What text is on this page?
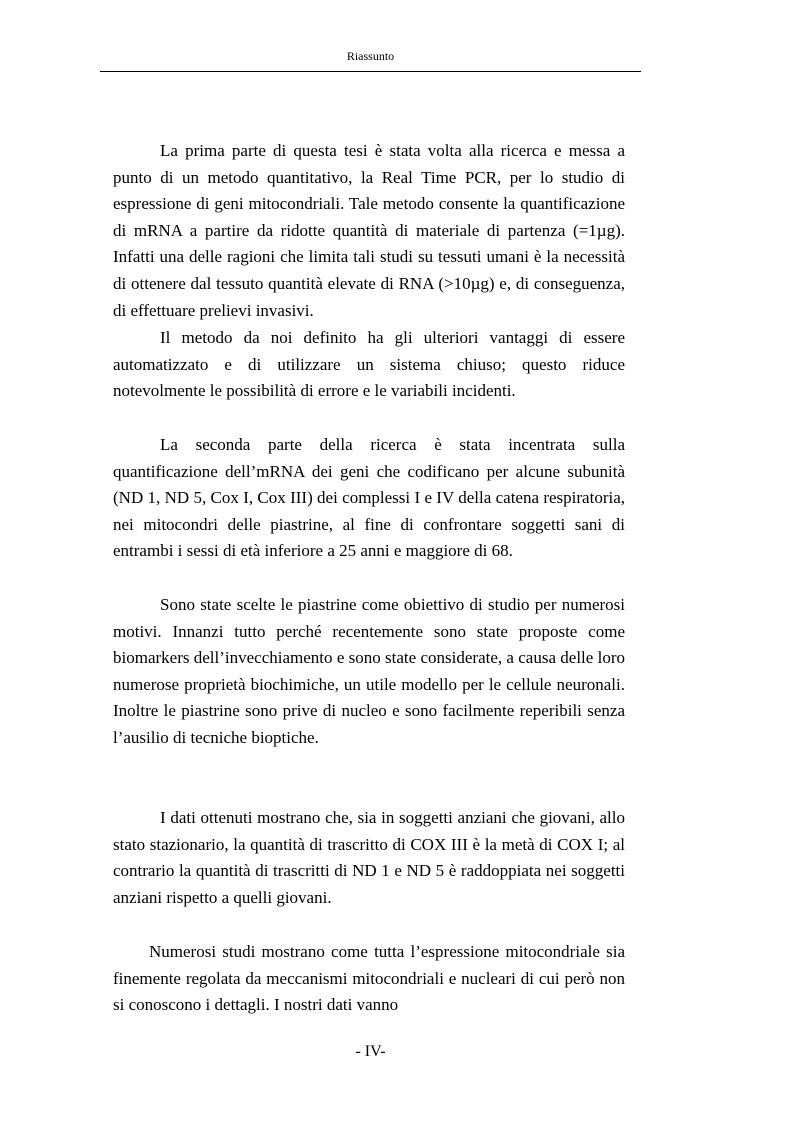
Riassunto

La prima parte di questa tesi è stata volta alla ricerca e messa a punto di un metodo quantitativo, la Real Time PCR, per lo studio di espressione di geni mitocondriali. Tale metodo consente la quantificazione di mRNA a partire da ridotte quantità di materiale di partenza (=1µg). Infatti una delle ragioni che limita tali studi su tessuti umani è la necessità di ottenere dal tessuto quantità elevate di RNA (>10µg) e, di conseguenza, di effettuare prelievi invasivi.

Il metodo da noi definito ha gli ulteriori vantaggi di essere automatizzato e di utilizzare un sistema chiuso; questo riduce notevolmente le possibilità di errore e le variabili incidenti.

La seconda parte della ricerca è stata incentrata sulla quantificazione dell’mRNA dei geni che codificano per alcune subunità (ND 1, ND 5, Cox I, Cox III) dei complessi I e IV della catena respiratoria, nei mitocondri delle piastrine, al fine di confrontare soggetti sani di entrambi i sessi di età inferiore a 25 anni e maggiore di 68.

Sono state scelte le piastrine come obiettivo di studio per numerosi motivi. Innanzi tutto perché recentemente sono state proposte come biomarkers dell’invecchiamento e sono state considerate, a causa delle loro numerose proprietà biochimiche, un utile modello per le cellule neuronali. Inoltre le piastrine sono prive di nucleo e sono facilmente reperibili senza l’ausilio di tecniche bioptiche.

I dati ottenuti mostrano che, sia in soggetti anziani che giovani, allo stato stazionario, la quantità di trascritto di COX III è la metà di COX I; al contrario la quantità di trascritti di ND 1 e ND 5 è raddoppiata nei soggetti anziani rispetto a quelli giovani.

Numerosi studi mostrano come tutta l’espressione mitocondriale sia finemente regolata da meccanismi mitocondriali e nucleari di cui però non si conoscono i dettagli. I nostri dati vanno

- IV-
